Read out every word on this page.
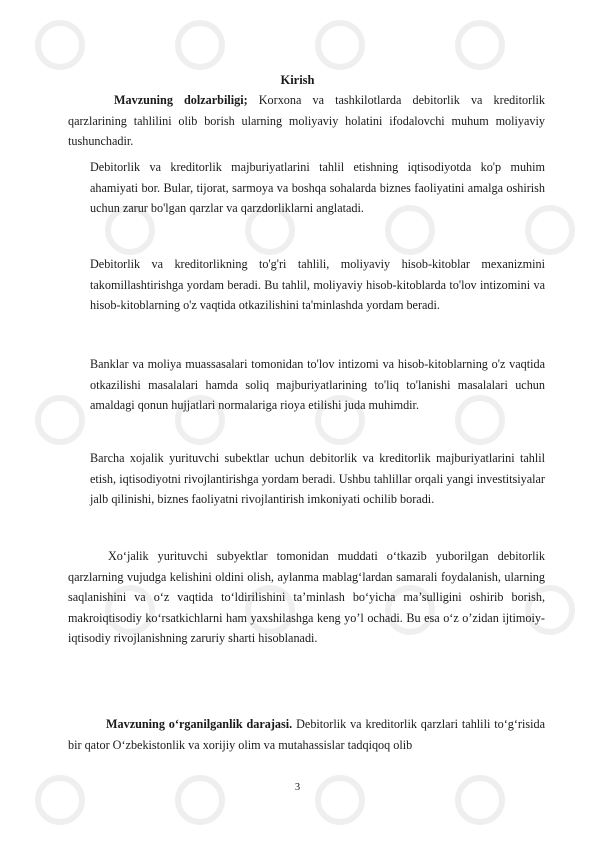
Kirish

Mavzuning dolzarbiligi; Korxona va tashkilotlarda debitorlik va kreditorlik qarzlarining tahlilini olib borish ularning moliyaviy holatini ifodalovchi muhum moliyaviy tushunchadir.

Debitorlik va kreditorlik majburiyatlarini tahlil etishning iqtisodiyotda ko'p muhim ahamiyati bor. Bular, tijorat, sarmoya va boshqa sohalarda biznes faoliyatini amalga oshirish uchun zarur bo'lgan qarzlar va qarzdorliklarni anglatadi.

Debitorlik va kreditorlikning to'g'ri tahlili, moliyaviy hisob-kitoblar mexanizmini takomillashtirishga yordam beradi. Bu tahlil, moliyaviy hisob-kitoblarda to'lov intizomini va hisob-kitoblarning o'z vaqtida otkazilishini ta'minlashda yordam beradi.

Banklar va moliya muassasalari tomonidan to'lov intizomi va hisob-kitoblarning o'z vaqtida otkazilishi masalalari hamda soliq majburiyatlarining to'liq to'lanishi masalalari uchun amaldagi qonun hujjatlari normalariga rioya etilishi juda muhimdir.

Barcha xojalik yurituvchi subektlar uchun debitorlik va kreditorlik majburiyatlarini tahlil etish, iqtisodiyotni rivojlantirishga yordam beradi. Ushbu tahlillar orqali yangi investitsiyalar jalb qilinishi, biznes faoliyatni rivojlantirish imkoniyati ochilib boradi.

Xo‘jalik yurituvchi subyektlar tomonidan muddati o‘tkazib yuborilgan debitorlik qarzlarning vujudga kelishini oldini olish, aylanma mablag‘lardan samarali foydalanish, ularning saqlanishini va o‘z vaqtida to‘ldirilishini ta’minlash bo‘yicha ma’sulligini oshirib borish, makroiqtisodiy ko‘rsatkichlarni ham yaxshilashga keng yo’l ochadi. Bu esa o‘z o’zidan ijtimoiy-iqtisodiy rivojlanishning zaruriy sharti hisoblanadi.

Mavzuning o‘rganilganlik darajasi. Debitorlik va kreditorlik qarzlari tahlili to‘g‘risida bir qator O‘zbekistonlik va xorijiy olim va mutahassislar tadqiqoq olib

3
